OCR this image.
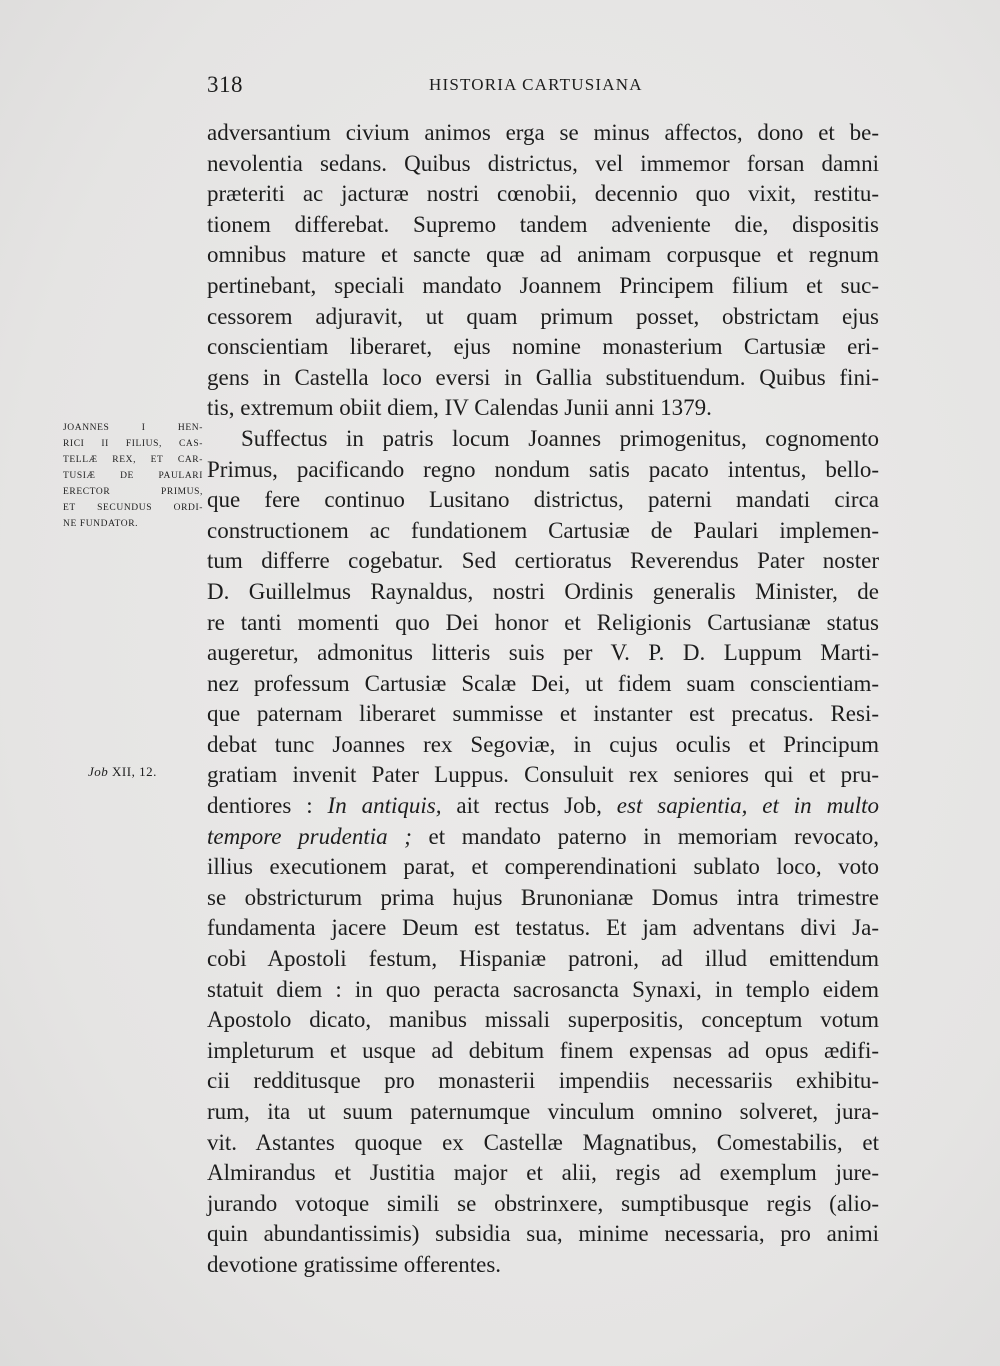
318	HISTORIA CARTUSIANA
JOANNES I HEN-
RICI II FILIUS, CAS-
TELLÆ REX, ET CAR-
TUSIÆ DE PAULARI
ERECTOR PRIMUS,
ET SECUNDUS ORDI-
NE FUNDATOR.
Job XII, 12.
adversantium civium animos erga se minus affectos, dono et be-
nevolentia sedans. Quibus districtus, vel immemor forsan damni
præteriti ac jacturæ nostri cœnobii, decennio quo vixit, restitu-
tionem differebat. Supremo tandem adveniente die, dispositis
omnibus mature et sancte quæ ad animam corpusque et regnum
pertinebant, speciali mandato Joannem Principem filium et suc-
cessorem adjuravit, ut quam primum posset, obstrictam ejus
conscientiam liberaret, ejus nomine monasterium Cartusiæ eri-
gens in Castella loco eversi in Gallia substituendum. Quibus fini-
tis, extremum obiit diem, IV Calendas Junii anni 1379.
Suffectus in patris locum Joannes primogenitus, cognomento
Primus, pacificando regno nondum satis pacato intentus, bello-
que fere continuo Lusitano districtus, paterni mandati circa
constructionem ac fundationem Cartusiæ de Paulari implemen-
tum differre cogebatur. Sed certioratus Reverendus Pater noster
D. Guillelmus Raynaldus, nostri Ordinis generalis Minister, de
re tanti momenti quo Dei honor et Religionis Cartusianæ status
augeretur, admonitus litteris suis per V. P. D. Luppum Marti-
nez professum Cartusiæ Scalæ Dei, ut fidem suam conscientiam-
que paternam liberaret summisse et instanter est precatus. Resi-
debat tunc Joannes rex Segoviæ, in cujus oculis et Principum
gratiam invenit Pater Luppus. Consuluit rex seniores qui et pru-
dentiores : In antiquis, ait rectus Job, est sapientia, et in multo
tempore prudentia ; et mandato paterno in memoriam revocato,
illius executionem parat, et comperendinationi sublato loco, voto
se obstricturum prima hujus Brunonianæ Domus intra trimestre
fundamenta jacere Deum est testatus. Et jam adventans divi Ja-
cobi Apostoli festum, Hispaniæ patroni, ad illud emittendum
statuit diem : in quo peracta sacrosancta Synaxi, in templo eidem
Apostolo dicato, manibus missali superpositis, conceptum votum
impleturum et usque ad debitum finem expensas ad opus ædifi-
cii redditusque pro monasterii impendiis necessariis exhibitu-
rum, ita ut suum paternumque vinculum omnino solveret, jura-
vit. Astantes quoque ex Castellæ Magnatibus, Comestabilis, et
Almirandus et Justitia major et alii, regis ad exemplum jure-
jurando votoque simili se obstrinxere, sumptibusque regis (alio-
quin abundantissimis) subsidia sua, minime necessaria, pro animi
devotione gratissime offerentes.
